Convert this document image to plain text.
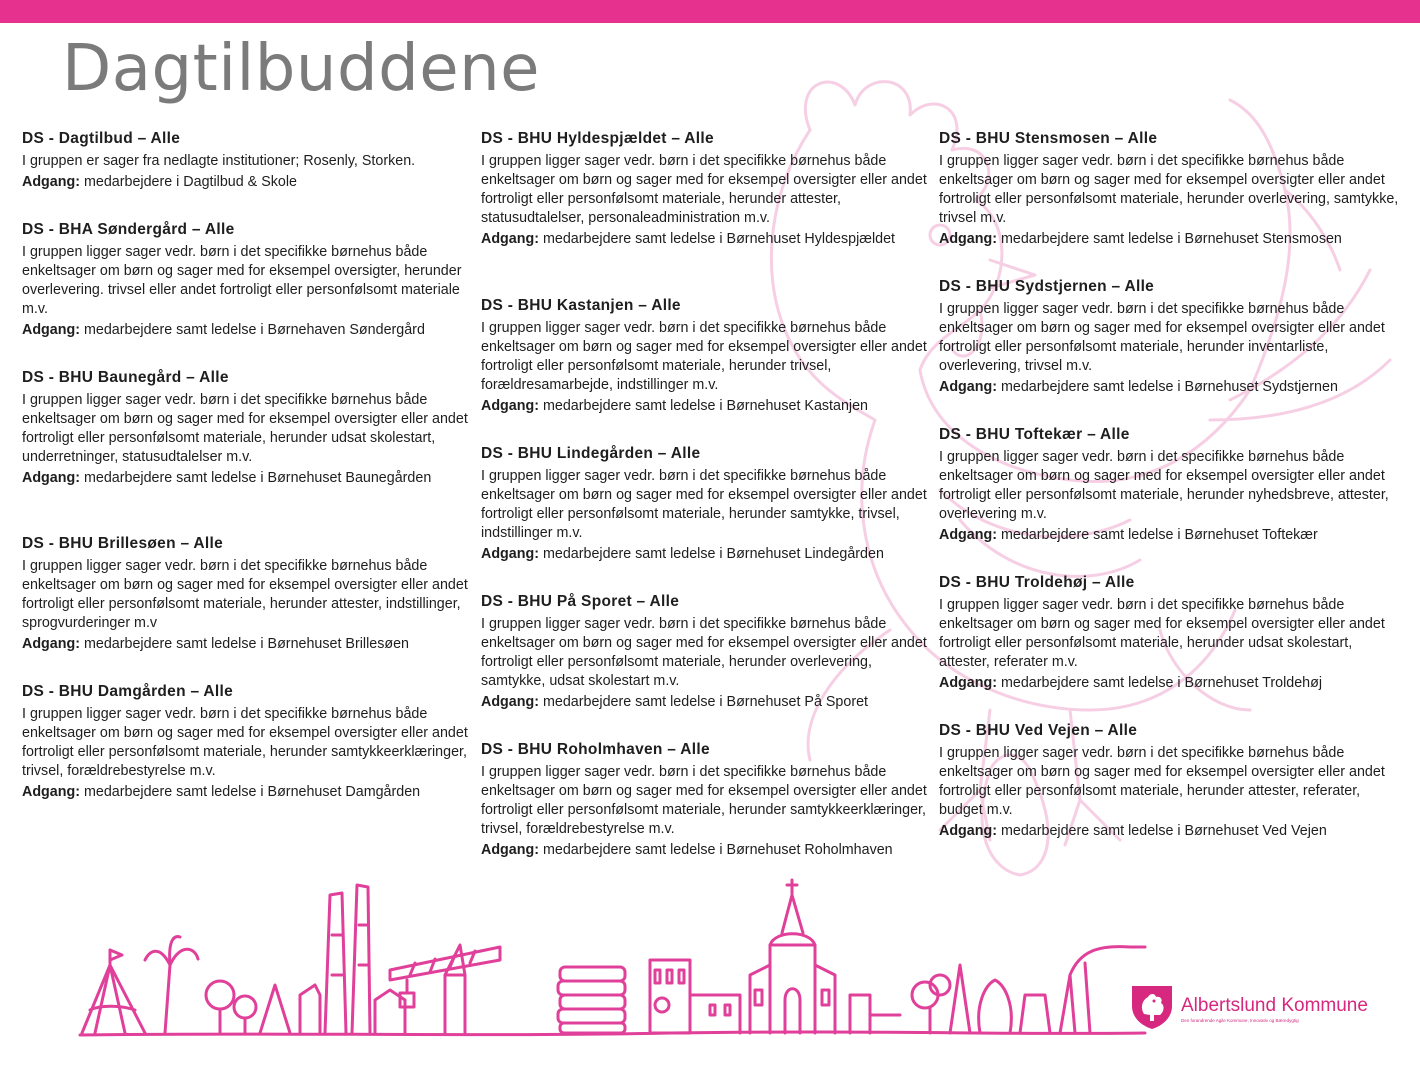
Dagtilbuddene
DS - Dagtilbud – Alle
I gruppen er sager fra nedlagte institutioner; Rosenly, Storken.
Adgang: medarbejdere i Dagtilbud & Skole
DS - BHA Søndergård – Alle
I gruppen ligger sager vedr. børn i det specifikke børnehus både enkeltsager om børn og sager med for eksempel oversigter, herunder overlevering. trivsel eller andet fortroligt eller personfølsomt materiale m.v.
Adgang: medarbejdere samt ledelse i Børnehaven Søndergård
DS - BHU Baunegård – Alle
I gruppen ligger sager vedr. børn i det specifikke børnehus både enkeltsager om børn og sager med for eksempel oversigter eller andet fortroligt eller personfølsomt materiale, herunder udsat skolestart, underretninger, statusudtalelser m.v.
Adgang: medarbejdere samt ledelse i Børnehuset Baunegården
DS - BHU Brillesøen – Alle
I gruppen ligger sager vedr. børn i det specifikke børnehus både enkeltsager om børn og sager med for eksempel oversigter eller andet fortroligt eller personfølsomt materiale, herunder attester, indstillinger, sprogvurderinger m.v
Adgang: medarbejdere samt ledelse i Børnehuset Brillesøen
DS - BHU Damgården – Alle
I gruppen ligger sager vedr. børn i det specifikke børnehus både enkeltsager om børn og sager med for eksempel oversigter eller andet fortroligt eller personfølsomt materiale, herunder samtykkeerklæringer, trivsel, forældrebestyrelse m.v.
Adgang: medarbejdere samt ledelse i Børnehuset Damgården
DS - BHU Hyldespjældet – Alle
I gruppen ligger sager vedr. børn i det specifikke børnehus både enkeltsager om børn og sager med for eksempel oversigter eller andet fortroligt eller personfølsomt materiale, herunder attester, statusudtalelser, personaleadministration m.v.
Adgang: medarbejdere samt ledelse i Børnehuset Hyldespjældet
DS - BHU Kastanjen – Alle
I gruppen ligger sager vedr. børn i det specifikke børnehus både enkeltsager om børn og sager med for eksempel oversigter eller andet fortroligt eller personfølsomt materiale, herunder trivsel, forældresamarbejde, indstillinger m.v.
Adgang: medarbejdere samt ledelse i Børnehuset Kastanjen
DS - BHU Lindegården – Alle
I gruppen ligger sager vedr. børn i det specifikke børnehus både enkeltsager om børn og sager med for eksempel oversigter eller andet fortroligt eller personfølsomt materiale, herunder samtykke, trivsel, indstillinger m.v.
Adgang: medarbejdere samt ledelse i Børnehuset Lindegården
DS - BHU På Sporet – Alle
I gruppen ligger sager vedr. børn i det specifikke børnehus både enkeltsager om børn og sager med for eksempel oversigter eller andet fortroligt eller personfølsomt materiale, herunder overlevering, samtykke, udsat skolestart m.v.
Adgang: medarbejdere samt ledelse i Børnehuset På Sporet
DS - BHU Roholmhaven – Alle
I gruppen ligger sager vedr. børn i det specifikke børnehus både enkeltsager om børn og sager med for eksempel oversigter eller andet fortroligt eller personfølsomt materiale, herunder samtykkeerklæringer, trivsel, forældrebestyrelse m.v.
Adgang: medarbejdere samt ledelse i Børnehuset Roholmhaven
DS - BHU Stensmosen – Alle
I gruppen ligger sager vedr. børn i det specifikke børnehus både enkeltsager om børn og sager med for eksempel oversigter eller andet fortroligt eller personfølsomt materiale, herunder overlevering, samtykke, trivsel m.v.
Adgang: medarbejdere samt ledelse i Børnehuset Stensmosen
DS - BHU Sydstjernen – Alle
I gruppen ligger sager vedr. børn i det specifikke børnehus både enkeltsager om børn og sager med for eksempel oversigter eller andet fortroligt eller personfølsomt materiale, herunder inventarliste, overlevering, trivsel m.v.
Adgang: medarbejdere samt ledelse i Børnehuset Sydstjernen
DS - BHU Toftekær – Alle
I gruppen ligger sager vedr. børn i det specifikke børnehus både enkeltsager om børn og sager med for eksempel oversigter eller andet fortroligt eller personfølsomt materiale, herunder nyhedsbreve, attester, overlevering m.v.
Adgang: medarbejdere samt ledelse i Børnehuset Toftekær
DS - BHU Troldehøj – Alle
I gruppen ligger sager vedr. børn i det specifikke børnehus både enkeltsager om børn og sager med for eksempel oversigter eller andet fortroligt eller personfølsomt materiale, herunder udsat skolestart, attester, referater m.v.
Adgang: medarbejdere samt ledelse i Børnehuset Troldehøj
DS - BHU Ved Vejen – Alle
I gruppen ligger sager vedr. børn i det specifikke børnehus både enkeltsager om børn og sager med for eksempel oversigter eller andet fortroligt eller personfølsomt materiale, herunder attester, referater, budget m.v.
Adgang: medarbejdere samt ledelse i Børnehuset Ved Vejen
Albertslund Kommune
Den forandrende Agile Kommune, Innovativ og Bæredygtig
